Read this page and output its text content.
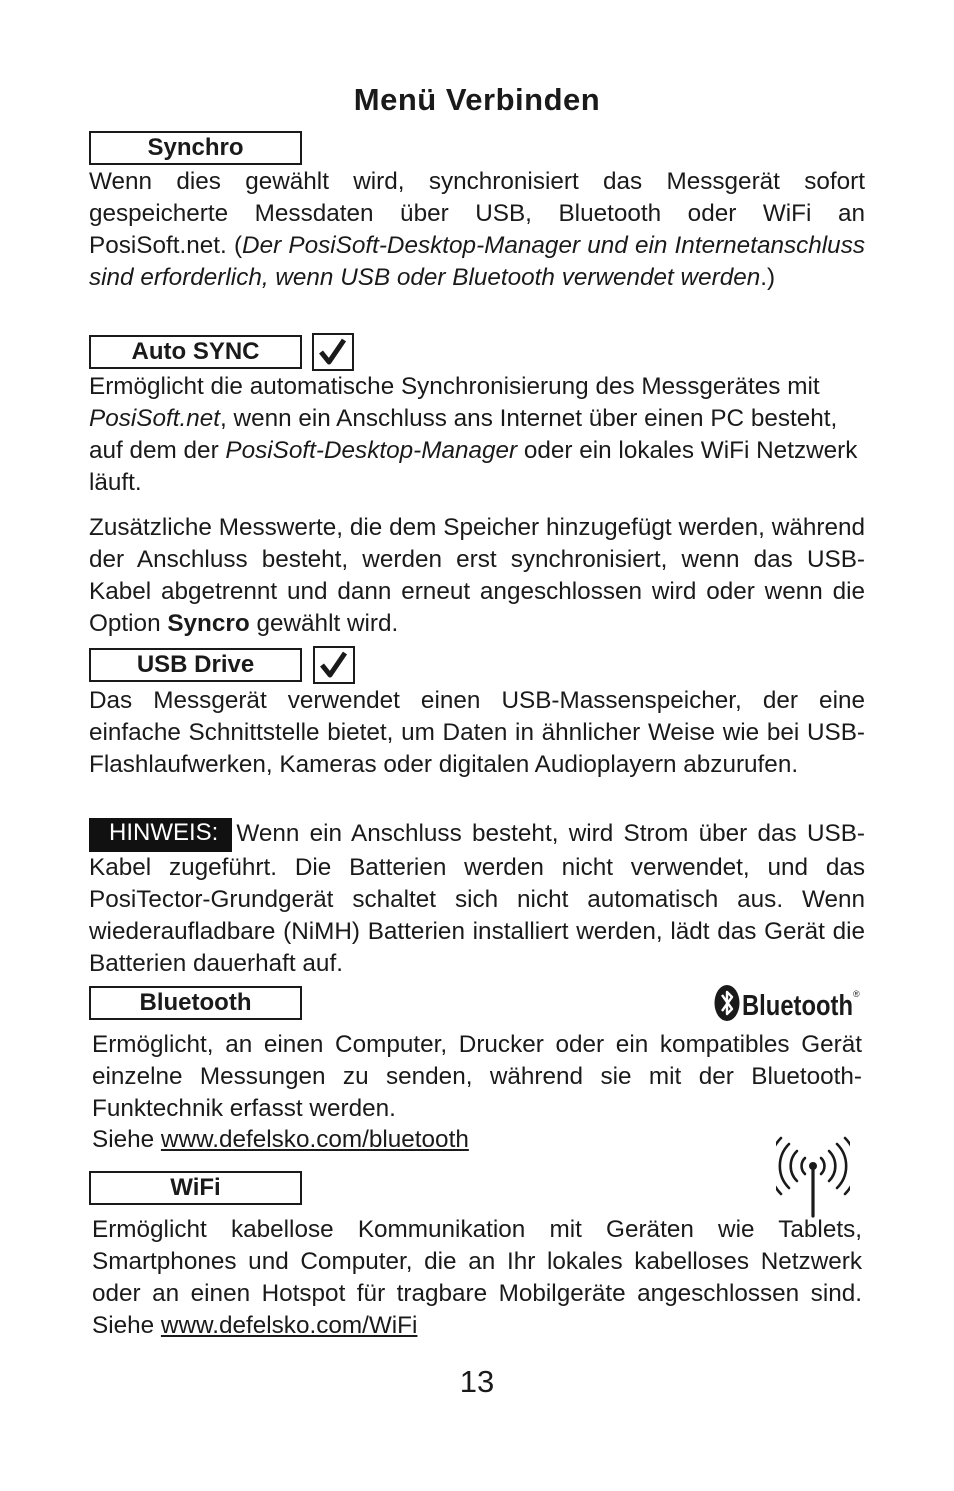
Menü Verbinden
Synchro
Wenn dies gewählt wird, synchronisiert das Messgerät sofort gespeicherte Messdaten über USB, Bluetooth oder WiFi an PosiSoft.net. (Der PosiSoft-Desktop-Manager und ein Internetanschluss sind erforderlich, wenn USB oder Bluetooth verwendet werden.)
Auto SYNC
Ermöglicht die automatische Synchronisierung des Messgerätes mit PosiSoft.net, wenn ein Anschluss ans Internet über einen PC besteht, auf dem der PosiSoft-Desktop-Manager oder ein lokales WiFi Netzwerk läuft.
Zusätzliche Messwerte, die dem Speicher hinzugefügt werden, während der Anschluss besteht, werden erst synchronisiert, wenn das USB-Kabel abgetrennt und dann erneut angeschlossen wird oder wenn die Option Syncro gewählt wird.
USB Drive
Das Messgerät verwendet einen USB-Massenspeicher, der eine einfache Schnittstelle bietet, um Daten in ähnlicher Weise wie bei USB-Flashlaufwerken, Kameras oder digitalen Audioplayern abzurufen.
HINWEIS: Wenn ein Anschluss besteht, wird Strom über das USB-Kabel zugeführt. Die Batterien werden nicht verwendet, und das PosiTector-Grundgerät schaltet sich nicht automatisch aus. Wenn wiederaufladbare (NiMH) Batterien installiert werden, lädt das Gerät die Batterien dauerhaft auf.
Bluetooth	Bluetooth ®
Ermöglicht, an einen Computer, Drucker oder ein kompatibles Gerät einzelne Messungen zu senden, während sie mit der Bluetooth-Funktechnik erfasst werden.
Siehe www.defelsko.com/bluetooth
WiFi
Ermöglicht kabellose Kommunikation mit Geräten wie Tablets, Smartphones und Computer, die an Ihr lokales kabelloses Netzwerk oder an einen Hotspot für tragbare Mobilgeräte angeschlossen sind. Siehe www.defelsko.com/WiFi
13
